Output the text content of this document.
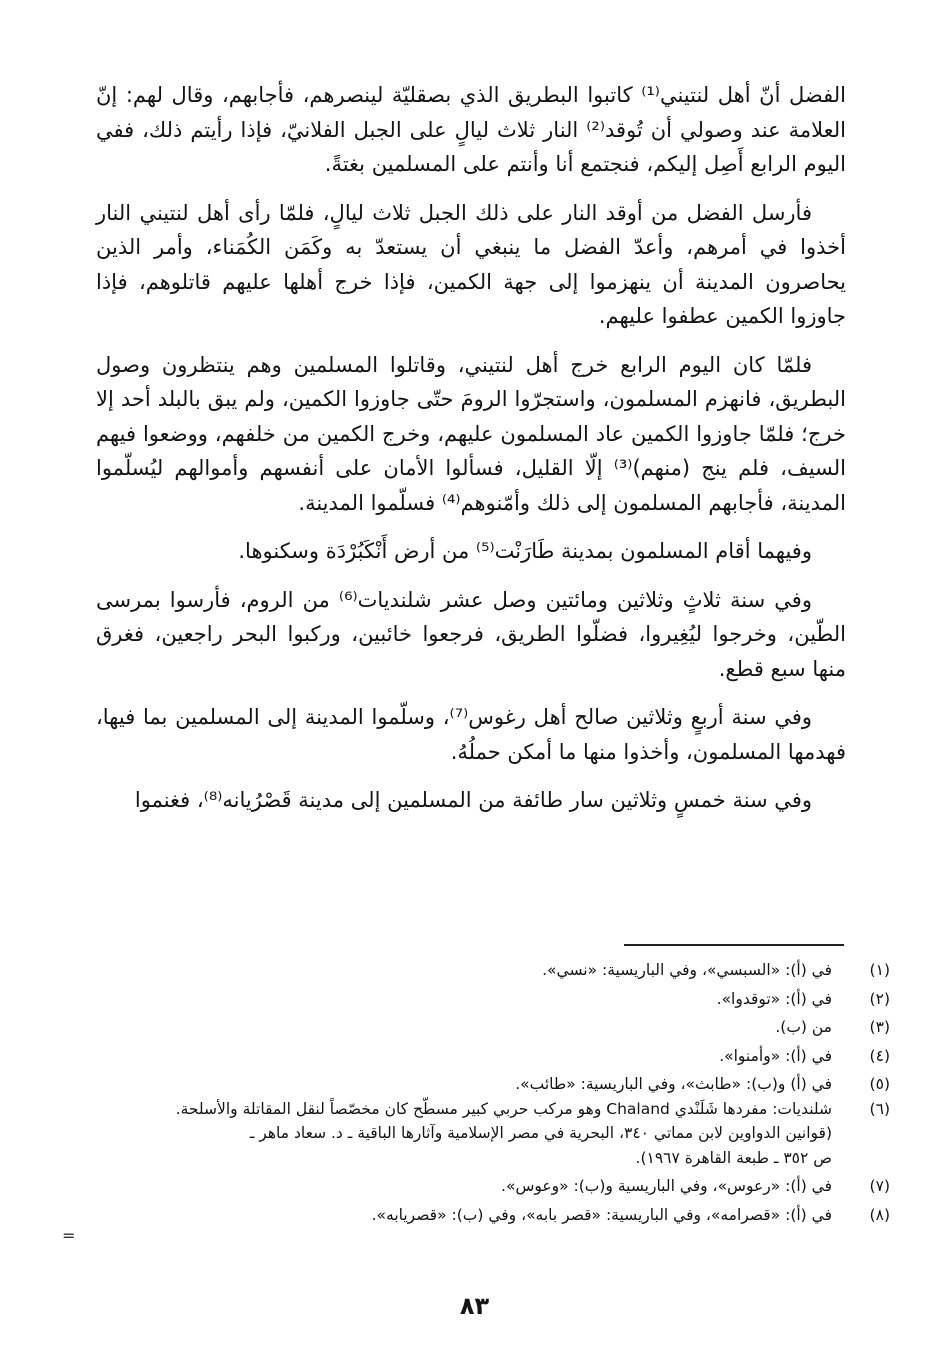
الفضل أنّ أهل لنتيني⁽¹⁾ كاتبوا البطريق الذي بصقليّة لينصرهم، فأجابهم، وقال لهم: إنّ العلامة عند وصولي أن تُوقد⁽²⁾ النار ثلاث ليالٍ على الجبل الفلانيّ، فإذا رأيتم ذلك، ففي اليوم الرابع أَصِل إليكم، فنجتمع أنا وأنتم على المسلمين بغتةً.

فأرسل الفضل من أوقد النار على ذلك الجبل ثلاث ليالٍ، فلمّا رأى أهل لنتيني النار أخذوا في أمرهم، وأعدّ الفضل ما ينبغي أن يستعدّ به وكَمَن الكُمَناء، وأمر الذين يحاصرون المدينة أن ينهزموا إلى جهة الكمين، فإذا خرج أهلها عليهم قاتلوهم، فإذا جاوزوا الكمين عطفوا عليهم.

فلمّا كان اليوم الرابع خرج أهل لنتيني، وقاتلوا المسلمين وهم ينتظرون وصول البطريق، فانهزم المسلمون، واستجرّوا الرومَ حتّى جاوزوا الكمين، ولم يبق بالبلد أحد إلا خرج؛ فلمّا جاوزوا الكمين عاد المسلمون عليهم، وخرج الكمين من خلفهم، ووضعوا فيهم السيف، فلم ينج (منهم)⁽³⁾ إلّا القليل، فسألوا الأمان على أنفسهم وأموالهم ليُسلّموا المدينة، فأجابهم المسلمون إلى ذلك وأمّنوهم⁽⁴⁾ فسلّموا المدينة.

وفيهما أقام المسلمون بمدينة طَارَنْت⁽⁵⁾ من أرض أَنْكَبُرْدَة وسكنوها.

وفي سنة ثلاثٍ وثلاثين ومائتين وصل عشر شلنديات⁽⁶⁾ من الروم، فأرسوا بمرسى الطّين، وخرجوا ليُغِيروا، فضلّوا الطريق، فرجعوا خائبين، وركبوا البحر راجعين، فغرق منها سبع قطع.

وفي سنة أربعٍ وثلاثين صالح أهل رغوس⁽⁷⁾، وسلّموا المدينة إلى المسلمين بما فيها، فهدمها المسلمون، وأخذوا منها ما أمكن حملُهُ.

وفي سنة خمسٍ وثلاثين سار طائفة من المسلمين إلى مدينة قَصْرُيانه⁽⁸⁾، فغنموا

(١)
في (أ): «السبسي»، وفي الباريسية: «نسي».
(٢)
في (أ): «توقدوا».
(٣)
من (ب).
(٤)
في (أ): «وأمنوا».
(٥)
في (أ) و(ب): «طابث»، وفي الباريسية: «طائب».
(٦)
شلنديات: مفردها شَلَنْدي Chaland وهو مركب حربي كبير مسطّح كان مخصّصاً لنقل المقاتلة والأسلحة.
(قوانين الدواوين لابن مماتي ٣٤٠، البحرية في مصر الإسلامية وآثارها الباقية ـ د. سعاد ماهر ـ
ص ٣٥٢ ـ طبعة القاهرة ١٩٦٧).
(٧)
في (أ): «رعوس»، وفي الباريسية و(ب): «وعوس».
(٨)
في (أ): «قصرامه»، وفي الباريسية: «قصر بابه»، وفي (ب): «قصريابه».
=
٨٣
